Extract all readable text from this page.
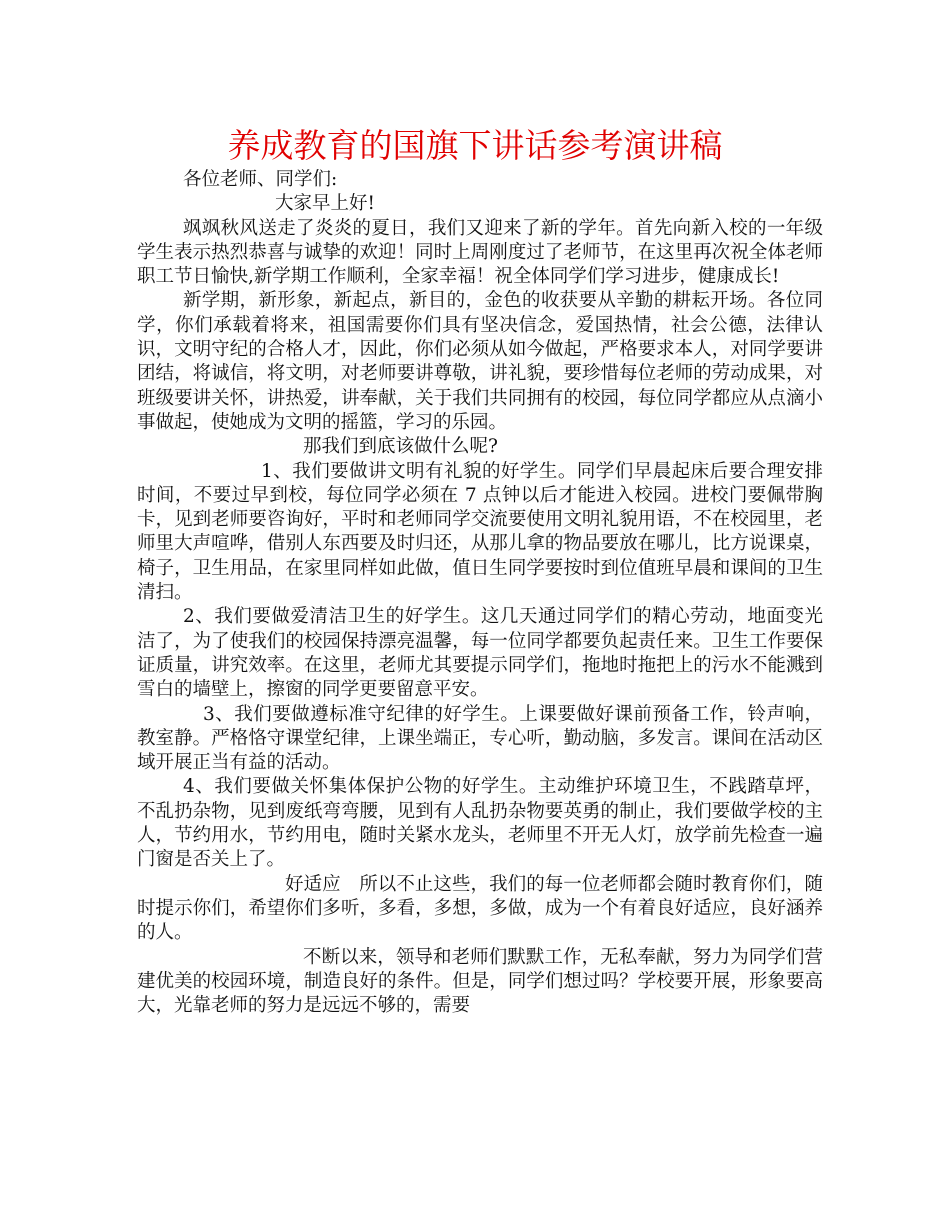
养成教育的国旗下讲话参考演讲稿

各位老师、同学们:

大家早上好!

飒飒秋风送走了炎炎的夏日，我们又迎来了新的学年。首先向新入校的一年级学生表示热烈恭喜与诚挚的欢迎！同时上周刚度过了老师节，在这里再次祝全体老师职工节日愉快,新学期工作顺利，全家幸福！祝全体同学们学习进步，健康成长!

新学期，新形象，新起点，新目的，金色的收获要从辛勤的耕耘开场。各位同学，你们承载着将来，祖国需要你们具有坚决信念，爱国热情，社会公德，法律认识，文明守纪的合格人才，因此，你们必须从如今做起，严格要求本人，对同学要讲团结，将诚信，将文明，对老师要讲尊敬，讲礼貌，要珍惜每位老师的劳动成果，对班级要讲关怀，讲热爱，讲奉献，关于我们共同拥有的校园，每位同学都应从点滴小事做起，使她成为文明的摇篮，学习的乐园。

那我们到底该做什么呢?

1、我们要做讲文明有礼貌的好学生。同学们早晨起床后要合理安排时间，不要过早到校，每位同学必须在 7 点钟以后才能进入校园。进校门要佩带胸卡，见到老师要咨询好，平时和老师同学交流要使用文明礼貌用语，不在校园里，老师里大声喧哗，借别人东西要及时归还，从那儿拿的物品要放在哪儿，比方说课桌，椅子，卫生用品，在家里同样如此做，值日生同学要按时到位值班早晨和课间的卫生清扫。

2、我们要做爱清洁卫生的好学生。这几天通过同学们的精心劳动，地面变光洁了，为了使我们的校园保持漂亮温馨，每一位同学都要负起责任来。卫生工作要保证质量，讲究效率。在这里，老师尤其要提示同学们，拖地时拖把上的污水不能溅到雪白的墙壁上，擦窗的同学更要留意平安。

3、我们要做遵标准守纪律的好学生。上课要做好课前预备工作，铃声响，教室静。严格恪守课堂纪律，上课坐端正，专心听，勤动脑，多发言。课间在活动区域开展正当有益的活动。

4、我们要做关怀集体保护公物的好学生。主动维护环境卫生，不践踏草坪，不乱扔杂物，见到废纸弯弯腰，见到有人乱扔杂物要英勇的制止，我们要做学校的主人，节约用水，节约用电，随时关紧水龙头，老师里不开无人灯，放学前先检查一遍门窗是否关上了。

好适应　所以不止这些，我们的每一位老师都会随时教育你们，随时提示你们，希望你们多听，多看，多想，多做，成为一个有着良好适应，良好涵养的人。

不断以来，领导和老师们默默工作，无私奉献，努力为同学们营建优美的校园环境，制造良好的条件。但是，同学们想过吗？学校要开展，形象要高大，光靠老师的努力是远远不够的，需要
